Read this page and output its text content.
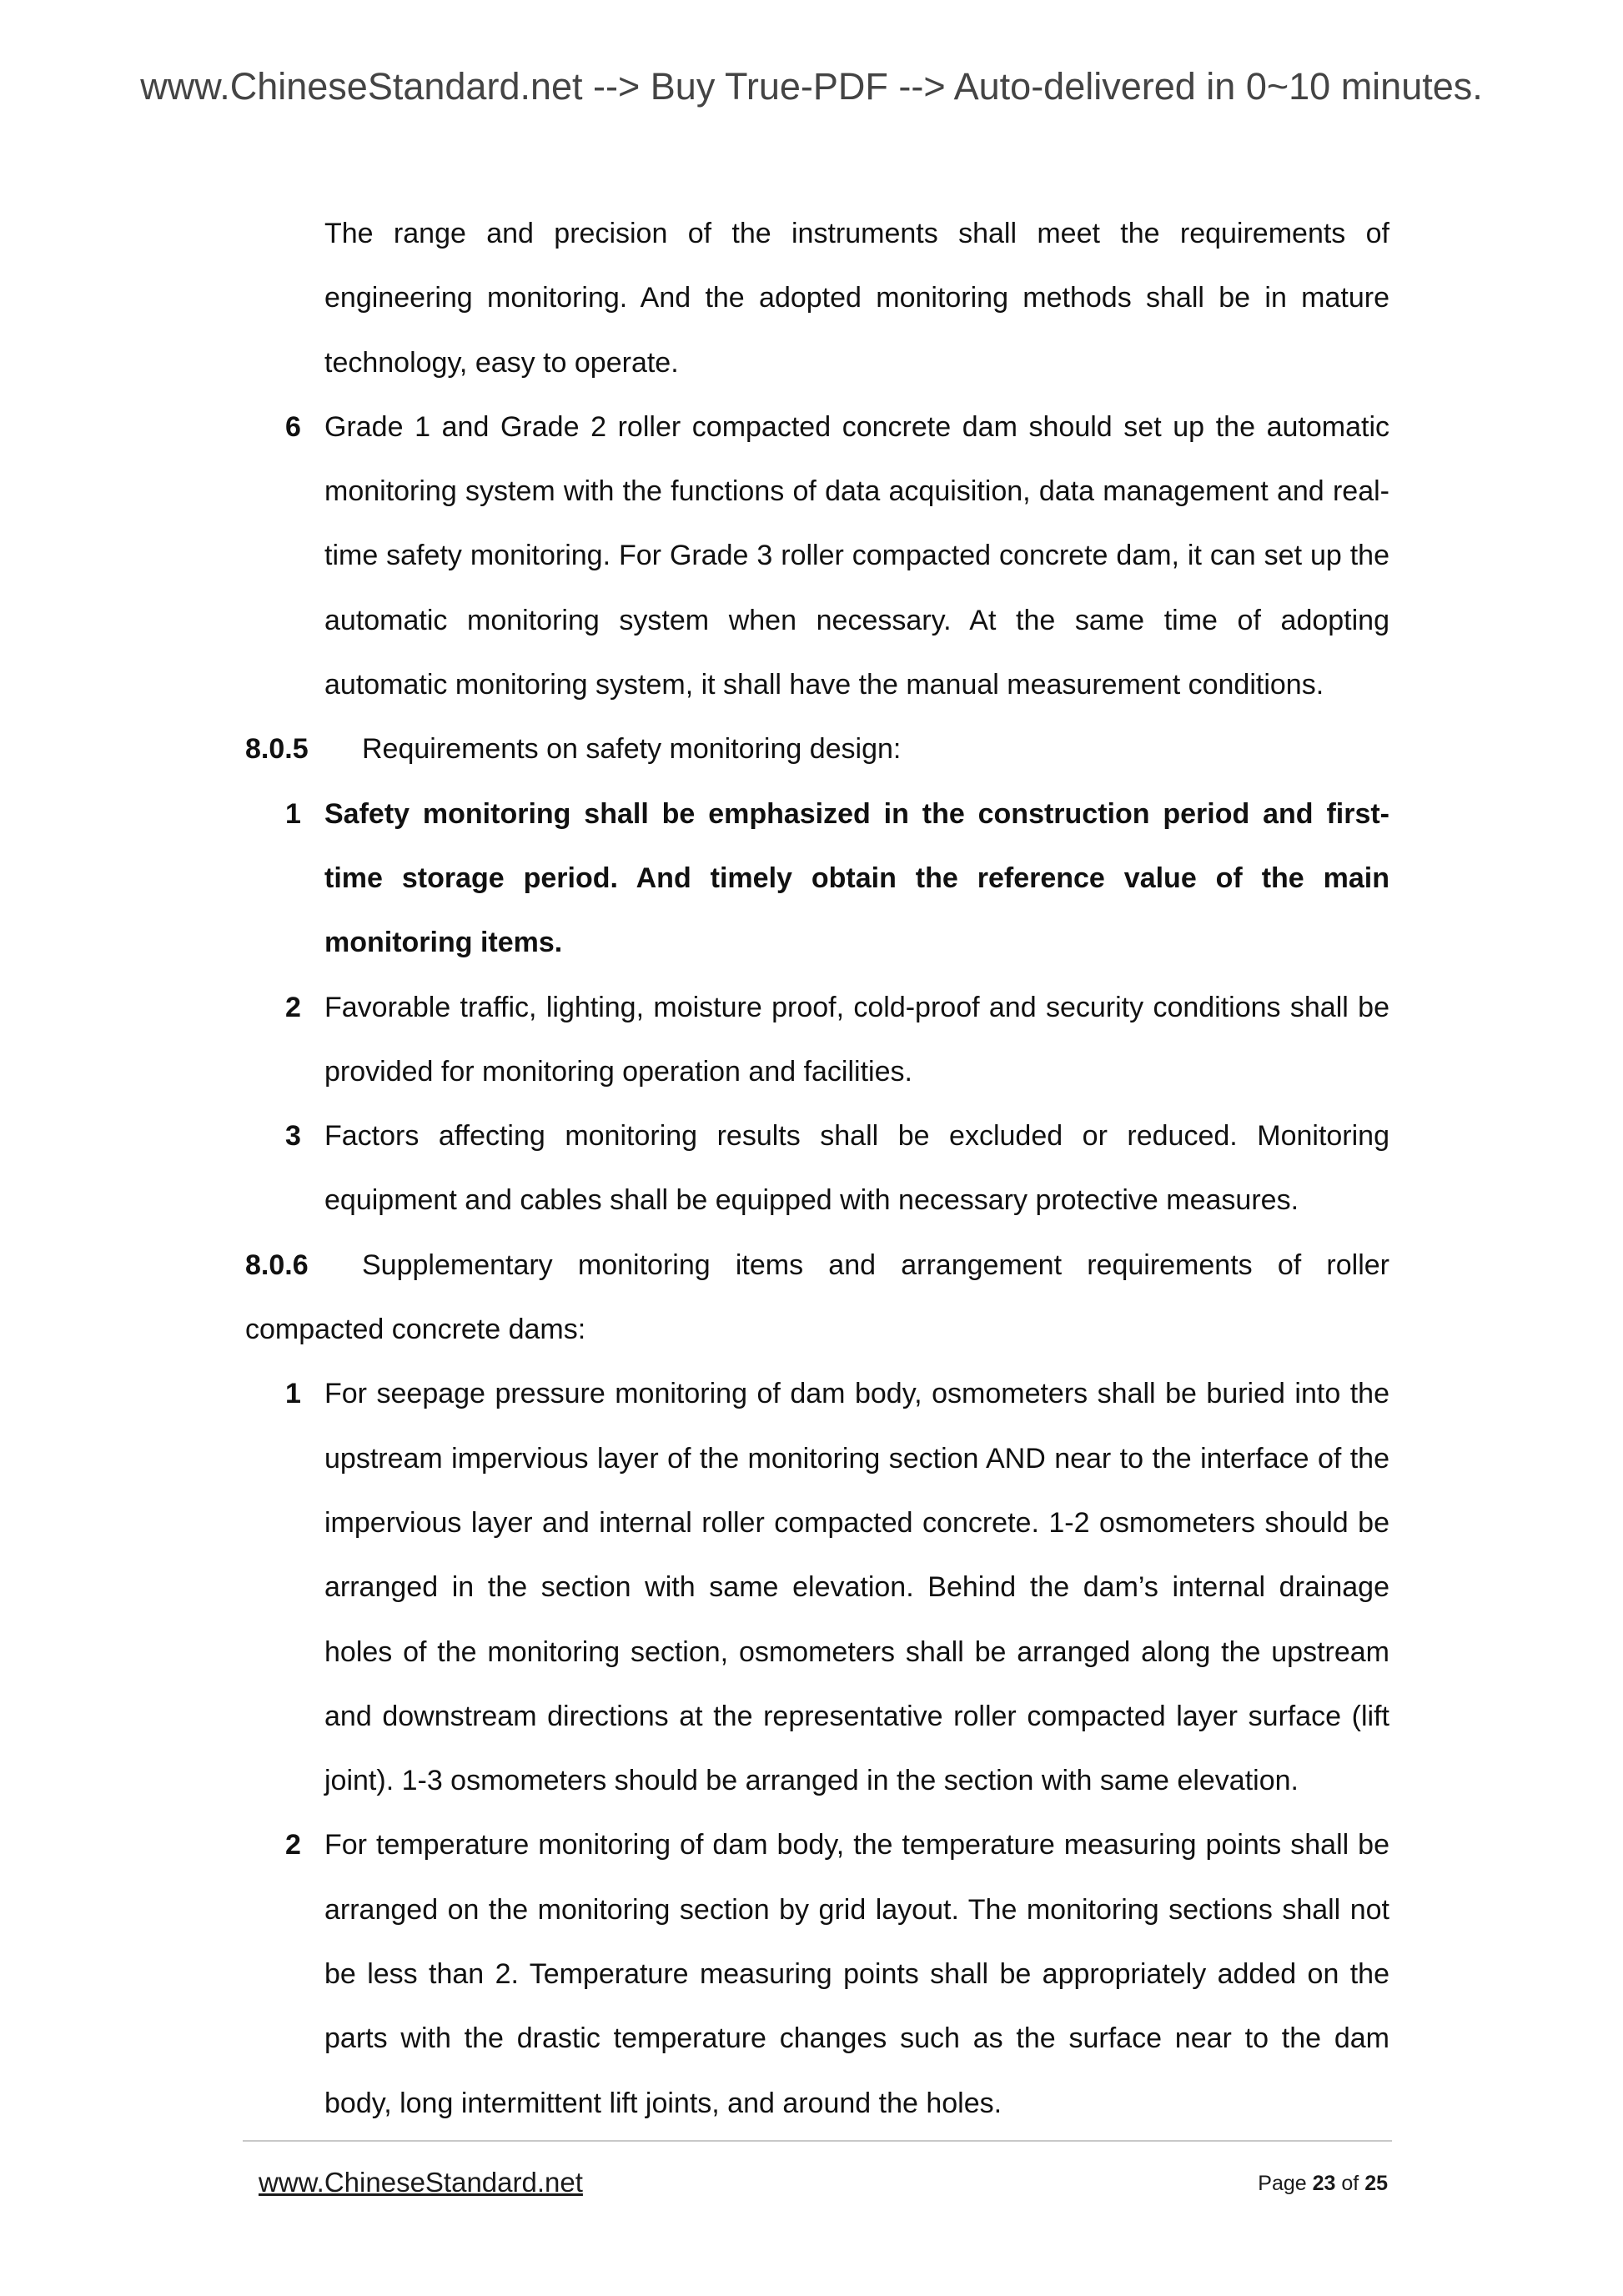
www.ChineseStandard.net --> Buy True-PDF --> Auto-delivered in 0~10 minutes.
The range and precision of the instruments shall meet the requirements of engineering monitoring. And the adopted monitoring methods shall be in mature technology, easy to operate.
6 Grade 1 and Grade 2 roller compacted concrete dam should set up the automatic monitoring system with the functions of data acquisition, data management and real-time safety monitoring. For Grade 3 roller compacted concrete dam, it can set up the automatic monitoring system when necessary. At the same time of adopting automatic monitoring system, it shall have the manual measurement conditions.
8.0.5 Requirements on safety monitoring design:
1 Safety monitoring shall be emphasized in the construction period and first-time storage period. And timely obtain the reference value of the main monitoring items.
2 Favorable traffic, lighting, moisture proof, cold-proof and security conditions shall be provided for monitoring operation and facilities.
3 Factors affecting monitoring results shall be excluded or reduced. Monitoring equipment and cables shall be equipped with necessary protective measures.
8.0.6 Supplementary monitoring items and arrangement requirements of roller compacted concrete dams:
1 For seepage pressure monitoring of dam body, osmometers shall be buried into the upstream impervious layer of the monitoring section AND near to the interface of the impervious layer and internal roller compacted concrete. 1-2 osmometers should be arranged in the section with same elevation. Behind the dam’s internal drainage holes of the monitoring section, osmometers shall be arranged along the upstream and downstream directions at the representative roller compacted layer surface (lift joint). 1-3 osmometers should be arranged in the section with same elevation.
2 For temperature monitoring of dam body, the temperature measuring points shall be arranged on the monitoring section by grid layout. The monitoring sections shall not be less than 2. Temperature measuring points shall be appropriately added on the parts with the drastic temperature changes such as the surface near to the dam body, long intermittent lift joints, and around the holes.
www.ChineseStandard.net	Page 23 of 25
